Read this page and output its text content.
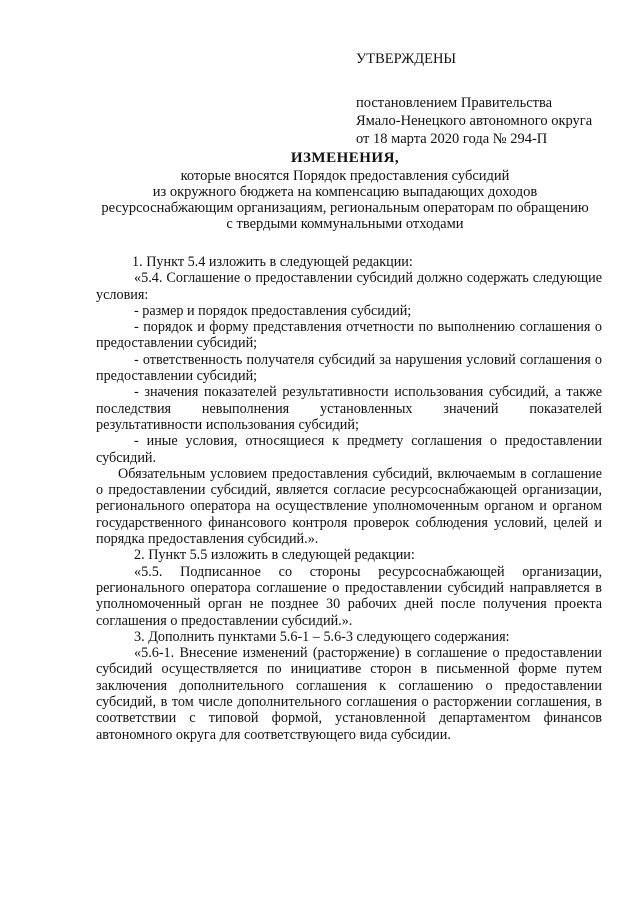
УТВЕРЖДЕНЫ
постановлением Правительства
Ямало-Ненецкого автономного округа
от 18 марта 2020 года № 294-П
ИЗМЕНЕНИЯ,
которые вносятся Порядок предоставления субсидий
из окружного бюджета на компенсацию выпадающих доходов
ресурсоснабжающим организациям, региональным операторам по обращению
с твердыми коммунальными отходами

1. Пункт 5.4 изложить в следующей редакции:

«5.4. Соглашение о предоставлении субсидий должно содержать следующие условия:

- размер и порядок предоставления субсидий;

- порядок и форму представления отчетности по выполнению соглашения о предоставлении субсидий;

- ответственность получателя субсидий за нарушения условий соглашения о предоставлении субсидий;

- значения показателей результативности использования субсидий, а также последствия невыполнения установленных значений показателей результативности использования субсидий;

- иные условия, относящиеся к предмету соглашения о предоставлении субсидий.

Обязательным условием предоставления субсидий, включаемым в соглашение о предоставлении субсидий, является согласие ресурсоснабжающей организации, регионального оператора на осуществление уполномоченным органом и органом государственного финансового контроля проверок соблюдения условий, целей и порядка предоставления субсидий.».

2. Пункт 5.5 изложить в следующей редакции:

«5.5. Подписанное со стороны ресурсоснабжающей организации, регионального оператора соглашение о предоставлении субсидий направляется в уполномоченный орган не позднее 30 рабочих дней после получения проекта соглашения о предоставлении субсидий.».

3. Дополнить пунктами 5.6-1 – 5.6-3 следующего содержания:

«5.6-1. Внесение изменений (расторжение) в соглашение о предоставлении субсидий осуществляется по инициативе сторон в письменной форме путем заключения дополнительного соглашения к соглашению о предоставлении субсидий, в том числе дополнительного соглашения о расторжении соглашения, в соответствии с типовой формой, установленной департаментом финансов автономного округа для соответствующего вида субсидии.
